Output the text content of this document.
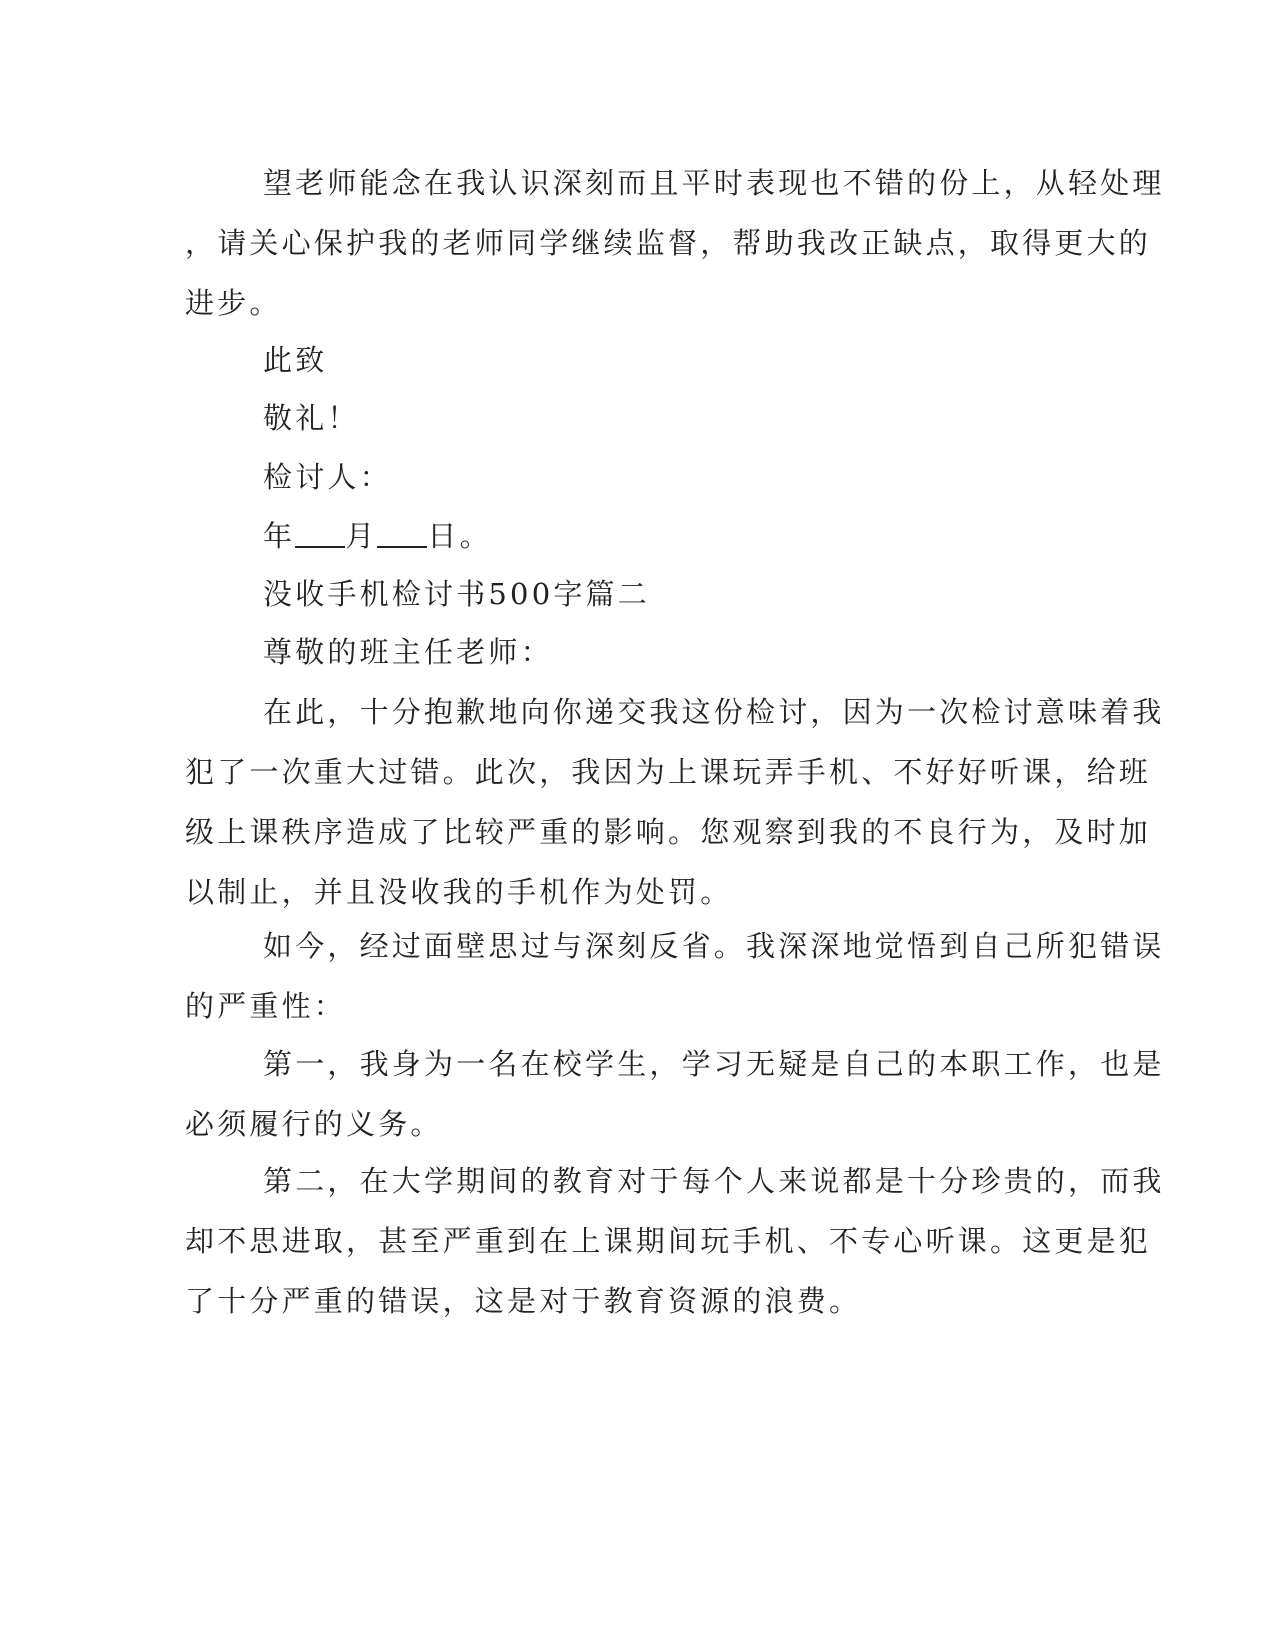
望老师能念在我认识深刻而且平时表现也不错的份上，从轻处理
，请关心保护我的老师同学继续监督，帮助我改正缺点，取得更大的
进步。
此致
敬礼！
检讨人：
年 月 日。
没收手机检讨书500字篇二
尊敬的班主任老师：
在此，十分抱歉地向你递交我这份检讨，因为一次检讨意味着我
犯了一次重大过错。此次，我因为上课玩弄手机、不好好听课，给班
级上课秩序造成了比较严重的影响。您观察到我的不良行为，及时加
以制止，并且没收我的手机作为处罚。
如今，经过面壁思过与深刻反省。我深深地觉悟到自己所犯错误
的严重性：
第一，我身为一名在校学生，学习无疑是自己的本职工作，也是
必须履行的义务。
第二，在大学期间的教育对于每个人来说都是十分珍贵的，而我
却不思进取，甚至严重到在上课期间玩手机、不专心听课。这更是犯
了十分严重的错误，这是对于教育资源的浪费。
